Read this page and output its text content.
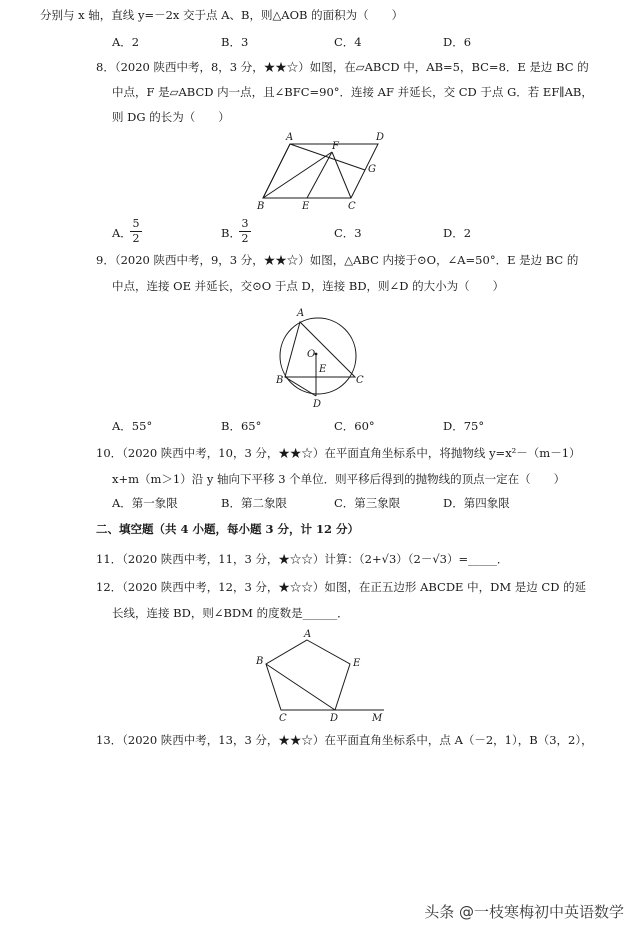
分别与 x 轴，直线 y=－2x 交于点 A、B，则△AOB 的面积为（　　）
A．2	B．3	C．4	D．6
8．（2020 陕西中考，8，3 分，★★☆）如图，在▱ABCD 中，AB=5，BC=8．E 是边 BC 的
中点，F 是▱ABCD 内一点，且∠BFC=90°．连接 AF 并延长，交 CD 于点 G．若 EF∥AB，
则 DG 的长为（　　）
A	D
F
G
B	E	C
A．
5
2	B．
3
2	C．3	D．2
9．（2020 陕西中考，9，3 分，★★☆）如图，△ABC 内接于⊙O，∠A=50°．E 是边 BC 的
中点，连接 OE 并延长，交⊙O 于点 D，连接 BD，则∠D 的大小为（　　）
A
O
E
B	C
D
A．55°	B．65°	C．60°	D．75°
10．（2020 陕西中考，10，3 分，★★☆）在平面直角坐标系中，将抛物线 y=x²－（m－1）
x+m（m＞1）沿 y 轴向下平移 3 个单位．则平移后得到的抛物线的顶点一定在（　　）
A．第一象限	B．第二象限	C．第三象限	D．第四象限
二、填空题（共 4 小题，每小题 3 分，计 12 分）
11．（2020 陕西中考，11，3 分，★☆☆）计算：（2+√3）（2－√3）=_____．
12．（2020 陕西中考，12，3 分，★☆☆）如图，在正五边形 ABCDE 中，DM 是边 CD 的延
长线，连接 BD，则∠BDM 的度数是______．
A
B	E
C	D	M
13．（2020 陕西中考，13，3 分，★★☆）在平面直角坐标系中，点 A（－2，1），B（3，2），
头条 @一枝寒梅初中英语数学
